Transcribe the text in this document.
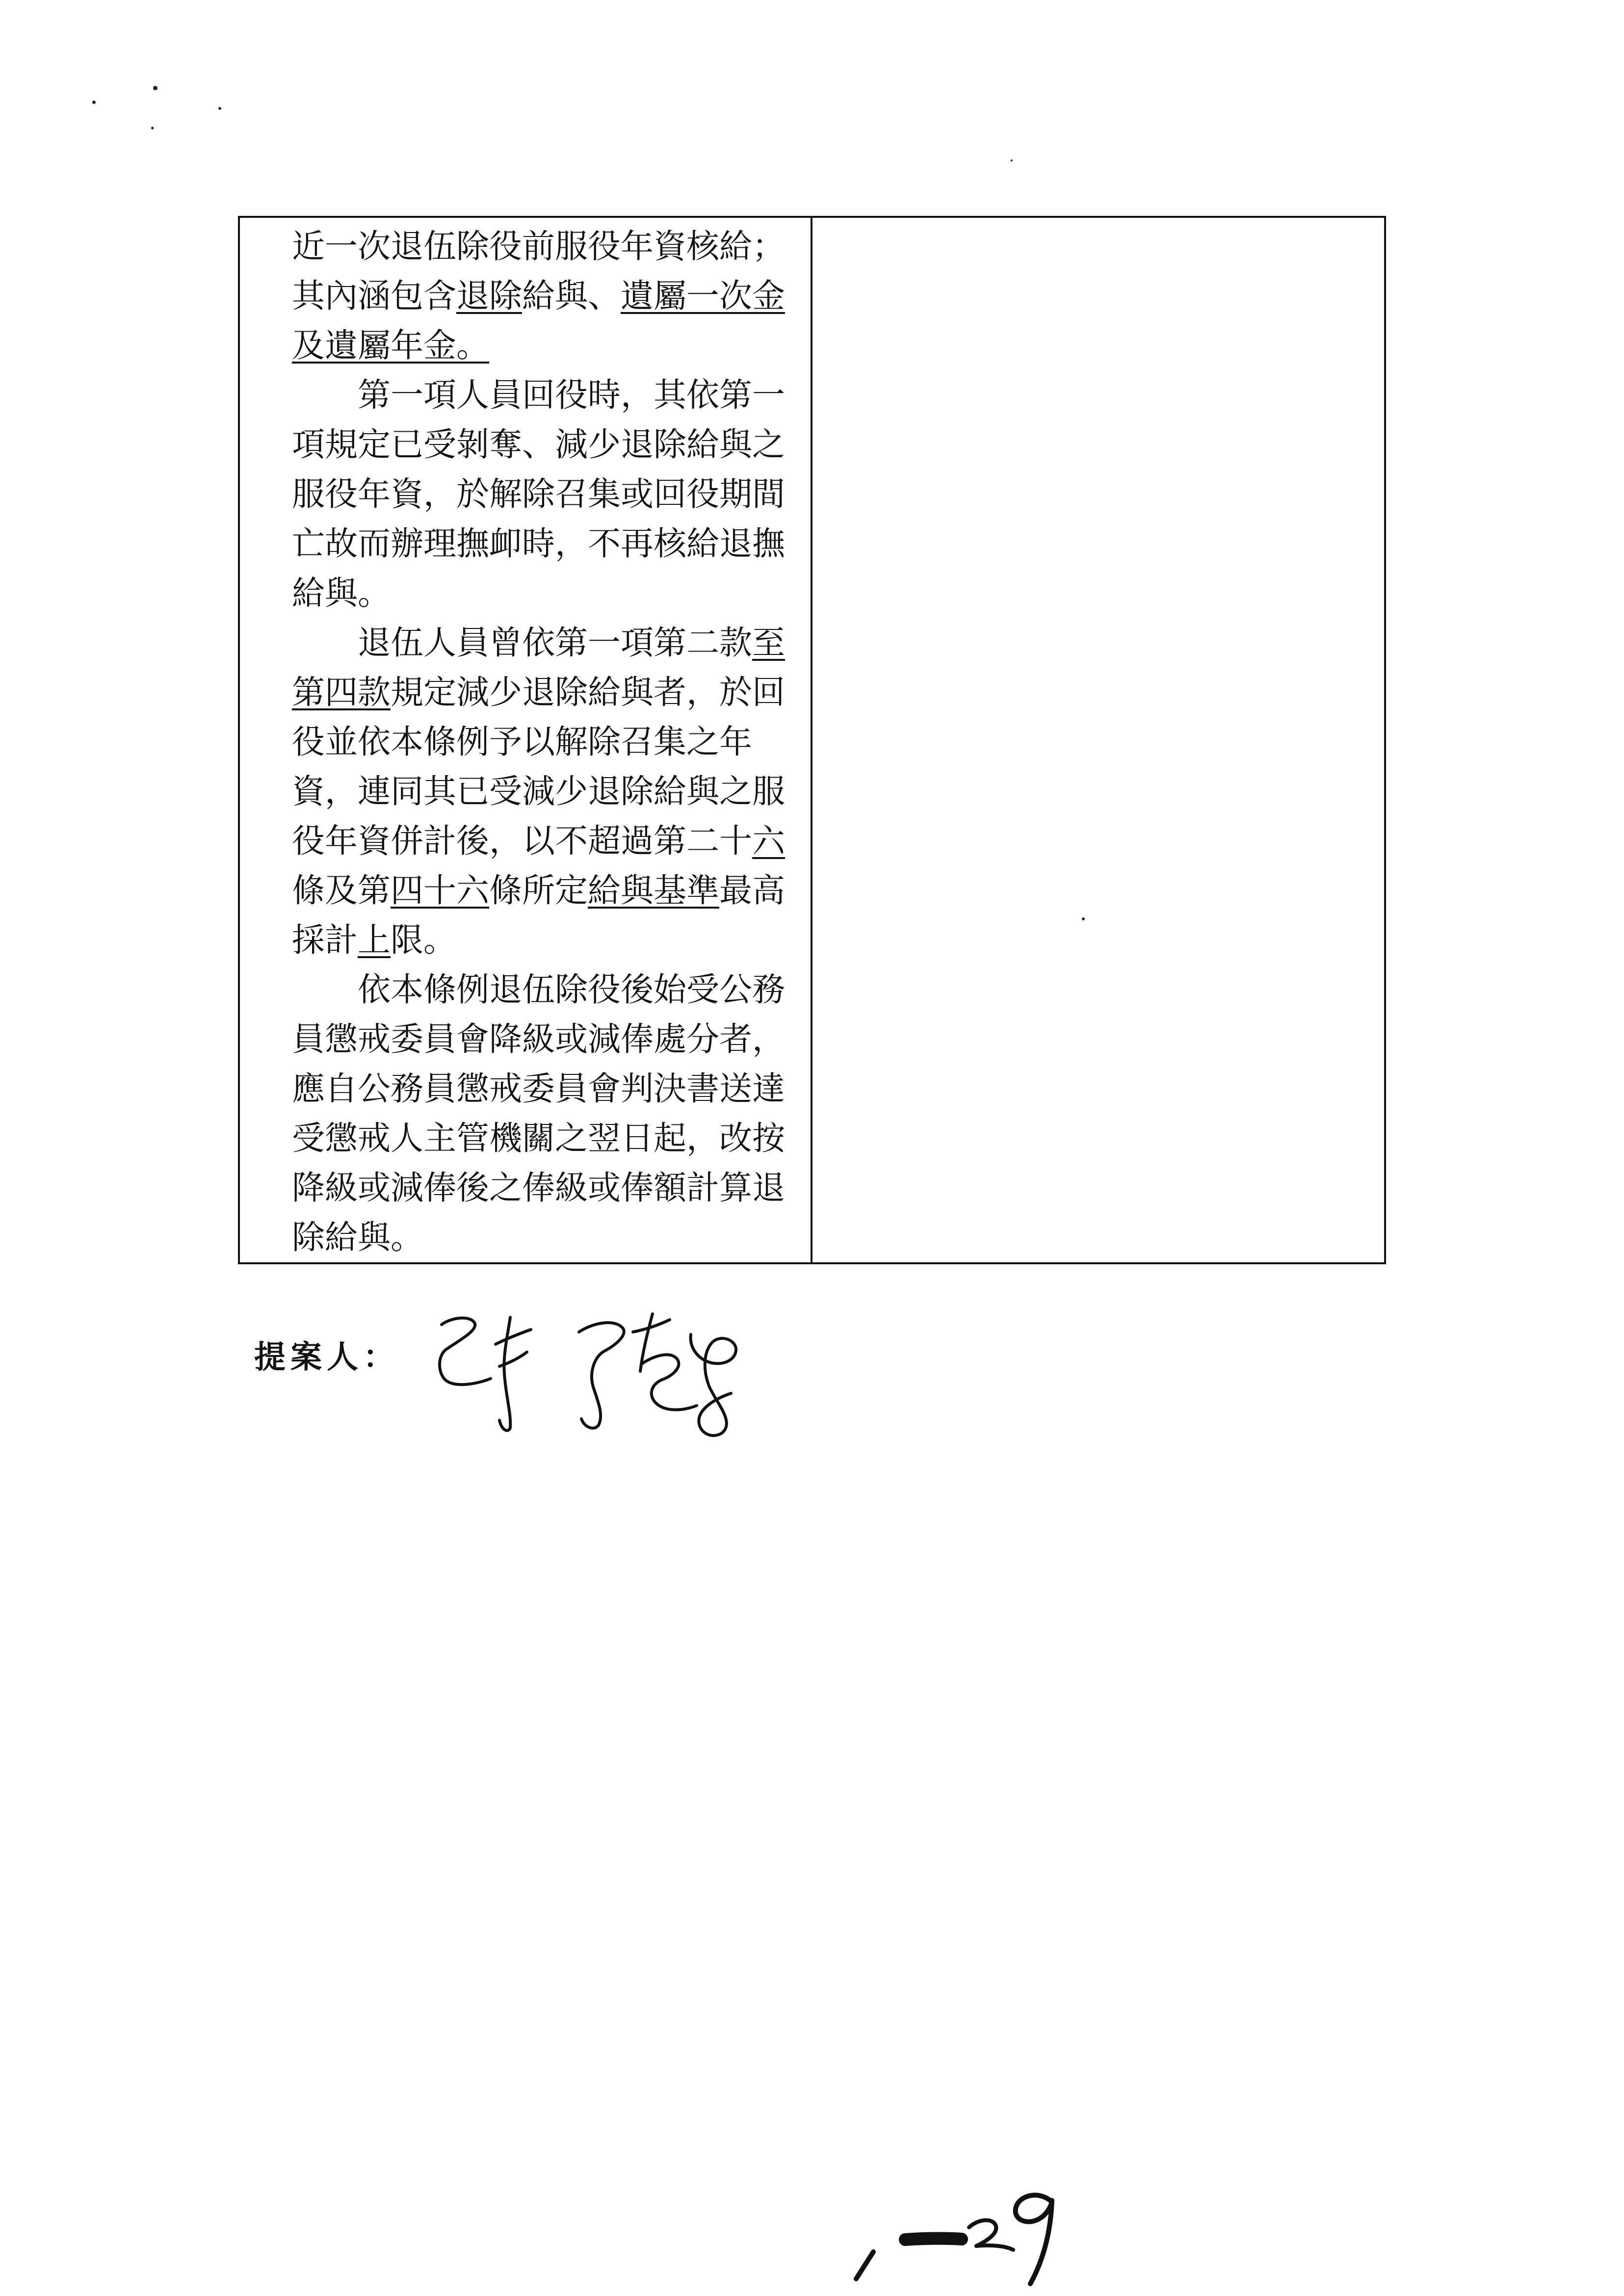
近一次退伍除役前服役年資核給；
其內涵包含退除給與、遺屬一次金
及遺屬年金。

第一項人員回役時，其依第一
項規定已受剝奪、減少退除給與之
服役年資，於解除召集或回役期間
亡故而辦理撫卹時，不再核給退撫
給與。

退伍人員曾依第一項第二款至
第四款規定減少退除給與者，於回
役並依本條例予以解除召集之年
資，連同其已受減少退除給與之服
役年資併計後，以不超過第二十六
條及第四十六條所定給與基準最高
採計上限。

依本條例退伍除役後始受公務
員懲戒委員會降級或減俸處分者，
應自公務員懲戒委員會判決書送達
受懲戒人主管機關之翌日起，改按
降級或減俸後之俸級或俸額計算退
除給與。

提案人：
